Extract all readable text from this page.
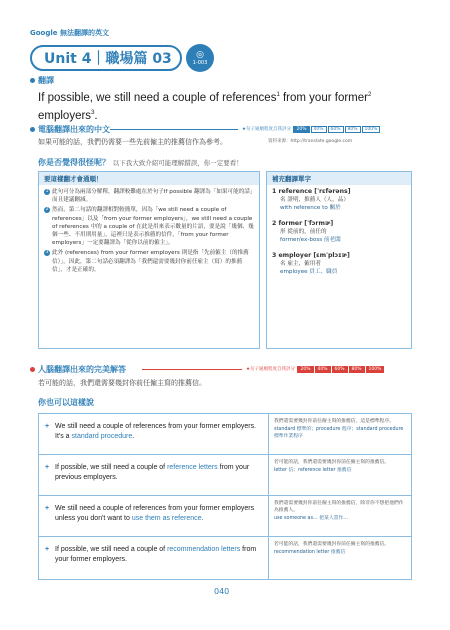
Google 無法翻譯的英文
Unit 4｜職場篇 03	◎
1-003
翻譯
If possible, we still need a couple of references$^1$ from your former$^2$ employers$^3$.
電腦翻譯出來的中文	★句子通順程度自我評分 20% 40% 60% 80% 100%
如果可能的話，我們仍需要一些先前僱主的推薦信作為參考。	資料來源：http://translate.google.com
你是否覺得很怪呢？ 以下我大致介紹可能理解錯誤，你一定要看！
要這樣翻才會通順！
1 此句可分為兩部分解釋，翻譯較難處在於句子If possible 翻譯為「如果可能的話」而且建議刪減。
2 然而，第二句話的翻譯相對較簡單，因為「we still need a couple of references」以及「from your former employers」，we still need a couple of references 中的 a couple of 在此是用來表示數量的片語，要是說「幾個、幾個一些、不用則用量」，這裡只是表示推薦的信件，「from your former employers」一定要翻譯為「從你以前的僱主」。
3 此外 (references) from your former employers 則是指「先前僱主（的推薦信）」，因此，第二句話必須翻譯為「我們還需要幾封你前任雇主（寫）的推薦信」，才是正確的。
補充翻譯單字
1 reference [ˈrɛfərəns]
名 證明，推薦人（人，品）
with reference to 關於
2 former [ˈfɔrmɚ]
形 從前的，前任的
former/ex-boss 前老闆
3 employer [ɛmˈplɔɪɚ]
名 雇主，僱用者
employee 員工、職員
人腦翻譯出來的完美解答	★句子通順程度自我評分 20% 40% 60% 80% 100%
若可能的話，我們還需要幾封你前任僱主寫的推薦信。
你也可以這樣說
+ We still need a couple of references from your former employers. It's a standard procedure.
我們還需要幾封你前任僱主寫的推薦信，這是標準程序。
standard 標準的；procedure 程序；standard procedure 標準作業程序
+ If possible, we still need a couple of reference letters from your previous employers.
若可能的話，我們還需要幾封你前任僱主寫的推薦信。
letter 信；reference letter 推薦信
+ We still need a couple of references from your former employers unless you don't want to use them as reference.
我們還需要幾封你前任僱主寫的推薦信，除非你不想把他們作為推薦人。
use someone as… 把某人當作…
+ If possible, we still need a couple of recommendation letters from your former employers.
若可能的話，我們還需要幾封你前任僱主寫的推薦信。
recommendation letter 推薦信
040
